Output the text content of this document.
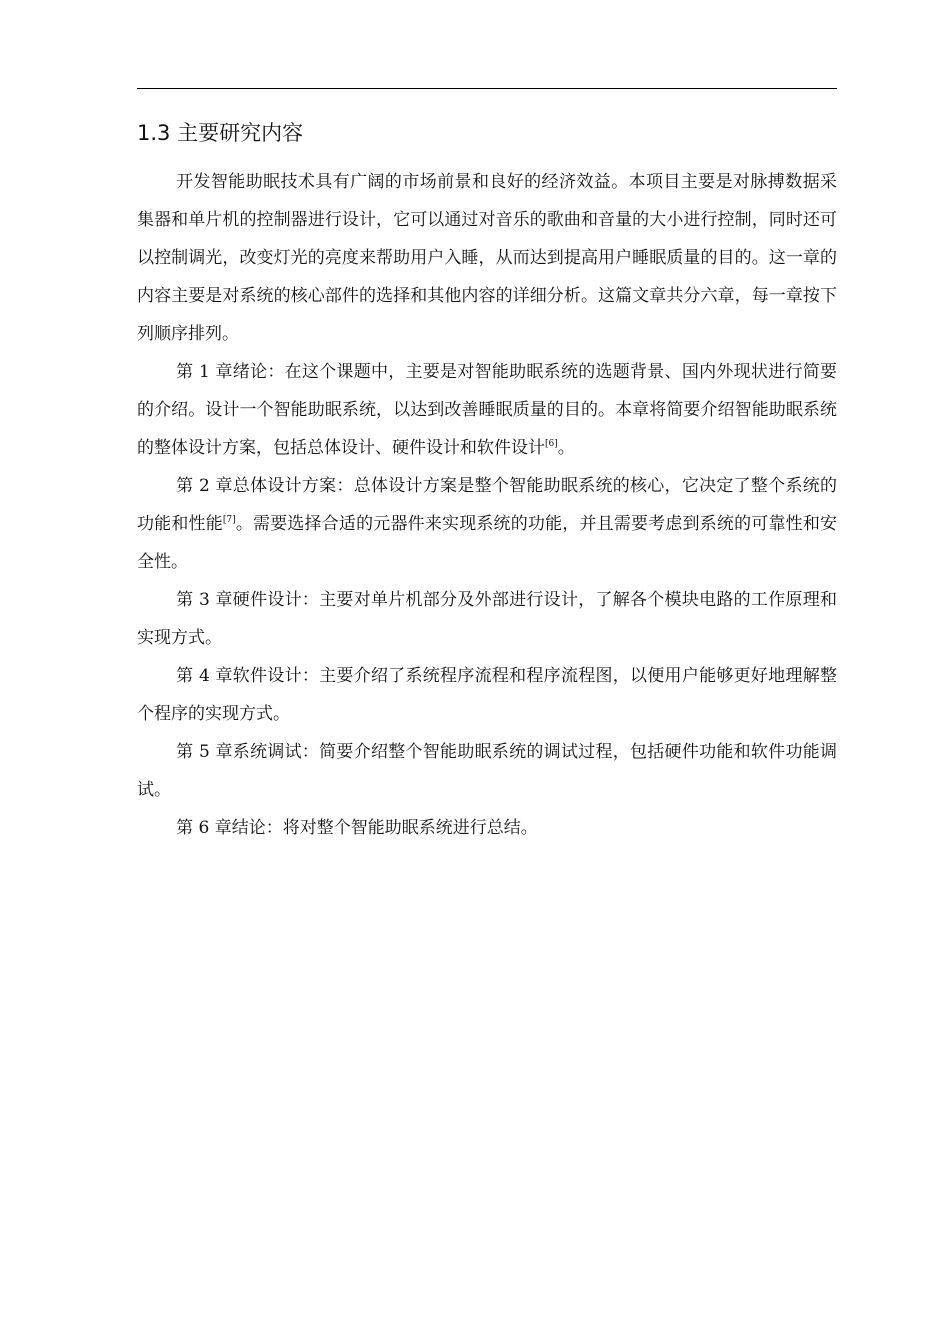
1.3 主要研究内容

开发智能助眠技术具有广阔的市场前景和良好的经济效益。本项目主要是对脉搏数据采集器和单片机的控制器进行设计，它可以通过对音乐的歌曲和音量的大小进行控制，同时还可以控制调光，改变灯光的亮度来帮助用户入睡，从而达到提高用户睡眠质量的目的。这一章的内容主要是对系统的核心部件的选择和其他内容的详细分析。这篇文章共分六章，每一章按下列顺序排列。

第 1 章绪论：在这个课题中，主要是对智能助眠系统的选题背景、国内外现状进行简要的介绍。设计一个智能助眠系统，以达到改善睡眠质量的目的。本章将简要介绍智能助眠系统的整体设计方案，包括总体设计、硬件设计和软件设计[6]。

第 2 章总体设计方案：总体设计方案是整个智能助眠系统的核心，它决定了整个系统的功能和性能[7]。需要选择合适的元器件来实现系统的功能，并且需要考虑到系统的可靠性和安全性。

第 3 章硬件设计：主要对单片机部分及外部进行设计，了解各个模块电路的工作原理和实现方式。

第 4 章软件设计：主要介绍了系统程序流程和程序流程图，以便用户能够更好地理解整个程序的实现方式。

第 5 章系统调试：简要介绍整个智能助眠系统的调试过程，包括硬件功能和软件功能调试。

第 6 章结论：将对整个智能助眠系统进行总结。
